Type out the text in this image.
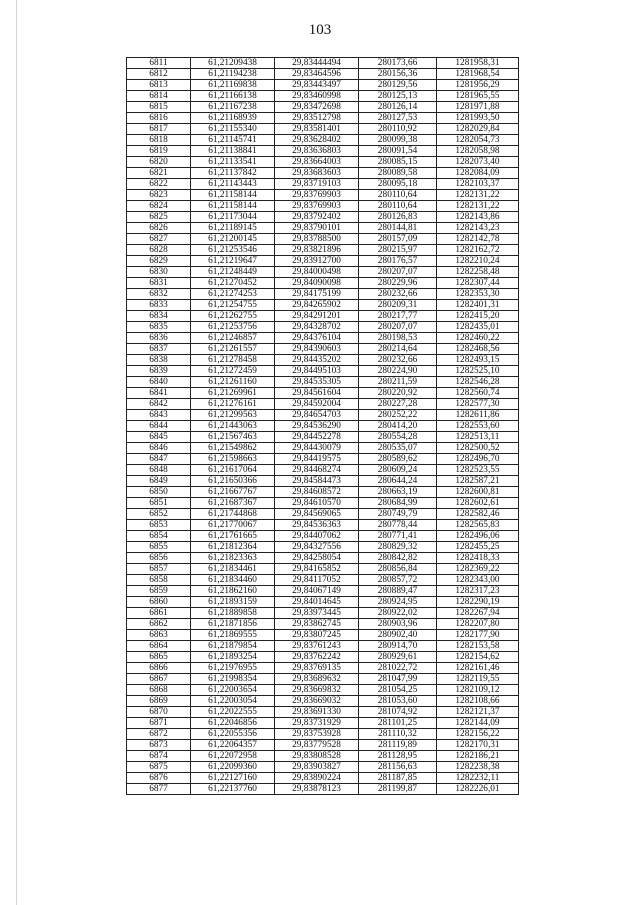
103
6811	61,21209438	29,83444494	280173,66	1281958,31
6812	61,21194238	29,83464596	280156,36	1281968,54
6813	61,21169838	29,83443497	280129,56	1281956,29
6814	61,21166138	29,83460998	280125,13	1281965,55
6815	61,21167238	29,83472698	280126,14	1281971,88
6816	61,21168939	29,83512798	280127,53	1281993,50
6817	61,21155340	29,83581401	280110,92	1282029,84
6818	61,21145741	29,83628402	280099,38	1282054,73
6819	61,21138841	29,83636803	280091,54	1282058,98
6820	61,21133541	29,83664003	280085,15	1282073,40
6821	61,21137842	29,83683603	280089,58	1282084,09
6822	61,21143443	29,83719103	280095,18	1282103,37
6823	61,21158144	29,83769903	280110,64	1282131,22
6824	61,21158144	29,83769903	280110,64	1282131,22
6825	61,21173044	29,83792402	280126,83	1282143,86
6826	61,21189145	29,83790101	280144,81	1282143,23
6827	61,21200145	29,83788500	280157,09	1282142,78
6828	61,21253546	29,83821896	280215,97	1282162,72
6829	61,21219647	29,83912700	280176,57	1282210,24
6830	61,21248449	29,84000498	280207,07	1282258,48
6831	61,21270452	29,84090098	280229,96	1282307,44
6832	61,21274253	29,84175199	280232,66	1282353,30
6833	61,21254755	29,84265902	280209,31	1282401,31
6834	61,21262755	29,84291201	280217,77	1282415,20
6835	61,21253756	29,84328702	280207,07	1282435,01
6836	61,21246857	29,84376104	280198,53	1282460,22
6837	61,21261557	29,84390603	280214,64	1282468,56
6838	61,21278458	29,84435202	280232,66	1282493,15
6839	61,21272459	29,84495103	280224,90	1282525,10
6840	61,21261160	29,84535305	280211,59	1282546,28
6841	61,21269961	29,84561604	280220,92	1282560,74
6842	61,21276161	29,84592004	280227,28	1282577,30
6843	61,21299563	29,84654703	280252,22	1282611,86
6844	61,21443063	29,84536290	280414,20	1282553,60
6845	61,21567463	29,84452278	280554,28	1282513,11
6846	61,21549862	29,84430079	280535,07	1282500,52
6847	61,21598663	29,84419575	280589,62	1282496,70
6848	61,21617064	29,84468274	280609,24	1282523,55
6849	61,21650366	29,84584473	280644,24	1282587,21
6850	61,21667767	29,84608572	280663,19	1282600,81
6851	61,21687367	29,84610570	280684,99	1282602,61
6852	61,21744868	29,84569065	280749,79	1282582,46
6853	61,21770067	29,84536363	280778,44	1282565,83
6854	61,21761665	29,84407062	280771,41	1282496,06
6855	61,21812364	29,84327556	280829,32	1282455,25
6856	61,21823363	29,84258054	280842,82	1282418,33
6857	61,21834461	29,84165852	280856,84	1282369,22
6858	61,21834460	29,84117052	280857,72	1282343,00
6859	61,21862160	29,84067149	280889,47	1282317,23
6860	61,21893159	29,84014645	280924,95	1282290,19
6861	61,21889858	29,83973445	280922,02	1282267,94
6862	61,21871856	29,83862745	280903,96	1282207,80
6863	61,21869555	29,83807245	280902,40	1282177,90
6864	61,21879854	29,83761243	280914,70	1282153,58
6865	61,21893254	29,83762242	280929,61	1282154,62
6866	61,21976955	29,83769135	281022,72	1282161,46
6867	61,21998354	29,83689632	281047,99	1282119,55
6868	61,22003654	29,83669832	281054,25	1282109,12
6869	61,22003054	29,83669032	281053,60	1282108,66
6870	61,22022555	29,83691330	281074,92	1282121,37
6871	61,22046856	29,83731929	281101,25	1282144,09
6872	61,22055356	29,83753928	281110,32	1282156,22
6873	61,22064357	29,83779528	281119,89	1282170,31
6874	61,22072958	29,83808528	281128,95	1282186,21
6875	61,22099360	29,83903827	281156,63	1282238,38
6876	61,22127160	29,83890224	281187,85	1282232,11
6877	61,22137760	29,83878123	281199,87	1282226,01
